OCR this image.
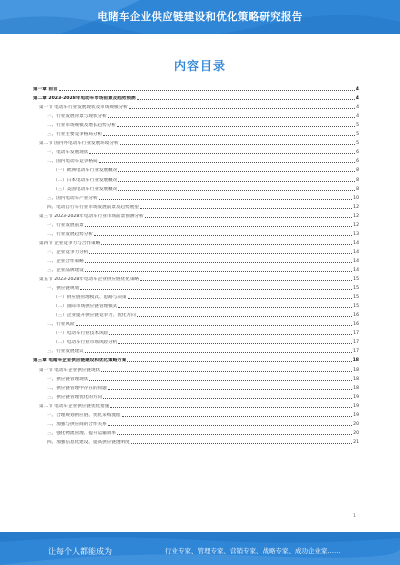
电睹车企业供应链建设和优化策略研究报告
内容目录
第一章 前言	4
第二章 2023-2028年电动车市场前景及趋势预测	4
第一节 电动车行业发展现状及市场规模分析	4
一、行业发展背景与现状分析	4
二、行业市场规模及增长趋势分析	5
三、行业主要竞争格局分析	5
第二节 国内外电动车行业发展环境分析	5
一、电动车发展现状	6
二、国内电动车竞争格局	6
（一）欧洲电动车行业发展概况	8
（二）日本电动车行业发展概况	8
（三）美国电动车行业发展概况	8
三、国内电动车产业分析	10
四、电动自行车行业市场发展前景及趋势展望	12
第三节 2023-2028年电动车行业市场前景预测分析	12
一、行业发展前景	12
二、行业发展趋势分析	13
第四节 企业竞争力与合作策略	14
一、企业竞争力分析	14
二、企业合作策略	14
三、企业品牌建设	14
第五节 2023-2028年电动车企业供应链优化策略	15
一、供应链规划	15
（一）供应链管理模式、思路与决策	15
（二）国际市场供应链管理模式	15
（三）企业提升供应链竞争力、优化方向	16
二、行业风险	16
（一）电动车行业技术风险	17
（二）电动车行业市场风险分析	17
三、行业发展建议	17
第三章 电睹车企业供应链建设和优化策略方案	18
第一节 电动车企业供应链现状	18
一、供应链管理现状	18
二、供应链管理中存在的问题	18
三、供应链管理优化的方向	19
第二节 电动车企业供应链优化措施	19
一、合理规划供应链、优化采购流程	19
二、加强与供应商的合作关系	20
三、强化物流管理、提升运输效率	20
四、加强信息化建设、提高供应链透明度	21
1
让每个人都能成为	行业专家、管理专家、营销专家、战略专家、成功企业家……
